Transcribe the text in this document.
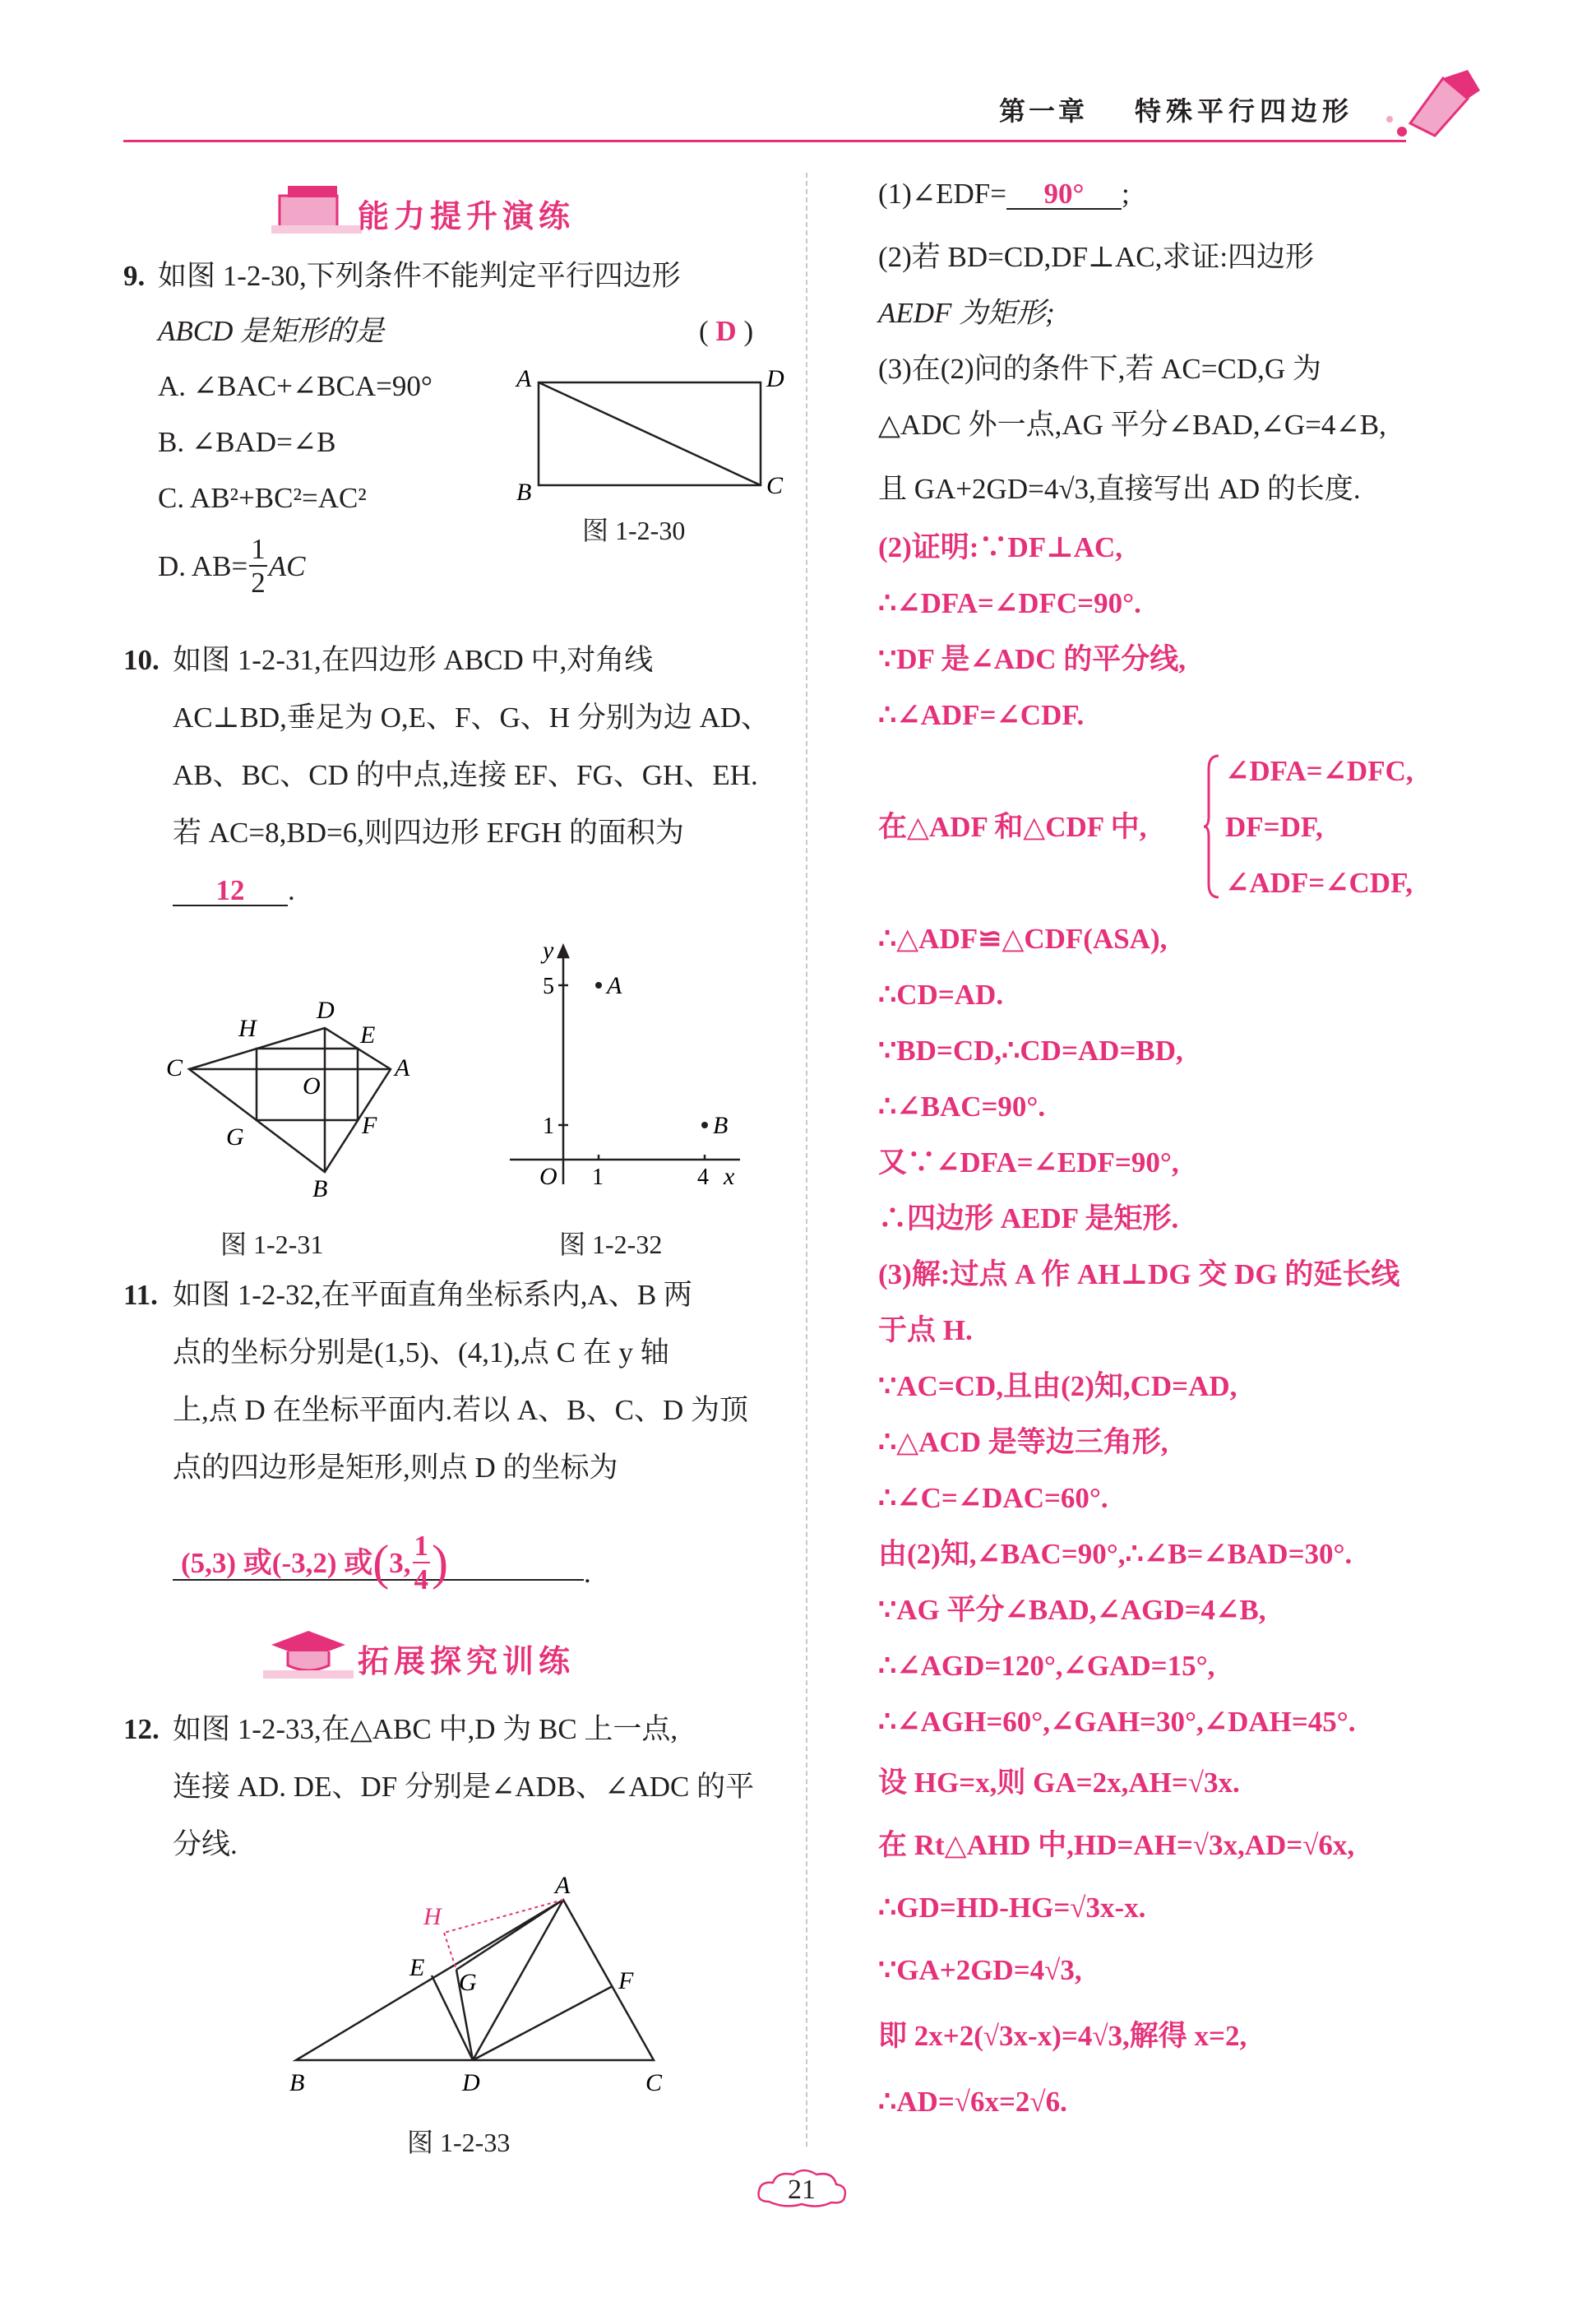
第一章 特殊平行四边形
能力提升演练
9. 如图 1-2-30,下列条件不能判定平行四边形
ABCD 是矩形的是	( D )
A. ∠BAC+∠BCA=90°
B. ∠BAD=∠B
C. AB²+BC²=AC²
D. $AB= \frac{1}{2}$ AC
A	D
B	C
图 1-2-30
10. 如图 1-2-31,在四边形 ABCD 中,对角线
AC⊥BD,垂足为 O,E、F、G、H 分别为边 AD、
AB、BC、CD 的中点,连接 EF、FG、GH、EH.
若 AC=8,BD=6,则四边形 EFGH 的面积为
12 .
H
D
E
C
O
A
G	F
B
图 1-2-31
y
x
O
A
B
5
1
1	4
图 1-2-32
11. 如图 1-2-32,在平面直角坐标系内,A、B 两
点的坐标分别是(1,5)、(4,1),点 C 在 y 轴
上,点 D 在坐标平面内.若以 A、B、C、D 为顶
点的四边形是矩形,则点 D 的坐标为
(5,3) 或(-3,2) 或 ( 3, $\frac{1}{4}$ )	.
拓展探究训练
12. 如图 1-2-33,在△ABC 中,D 为 BC 上一点,
连接 AD. DE、DF 分别是∠ADB、∠ADC 的平
分线.
A
H
E
G	F
B	D	C
图 1-2-33
(1)∠EDF= 90° ;
(2)若 BD=CD,DF⊥AC,求证:四边形
AEDF 为矩形;
(3)在(2)问的条件下,若 AC=CD,G 为
△ADC 外一点,AG 平分∠BAD,∠G=4∠B,
且 GA+2GD=4√3,直接写出 AD 的长度.
(2)证明:∵DF⊥AC,
∴∠DFA=∠DFC=90°.
∵DF 是∠ADC 的平分线,
∴∠ADF=∠CDF.
在△ADF 和△CDF 中,
∠DFA=∠DFC,
DF=DF,
∠ADF=∠CDF,
∴△ADF≌△CDF(ASA),
∴CD=AD.
∵BD=CD,∴CD=AD=BD,
∴∠BAC=90°.
又∵∠DFA=∠EDF=90°,
∴四边形 AEDF 是矩形.
(3)解:过点 A 作 AH⊥DG 交 DG 的延长线
于点 H.
∵AC=CD,且由(2)知,CD=AD,
∴△ACD 是等边三角形,
∴∠C=∠DAC=60°.
由(2)知,∠BAC=90°,∴∠B=∠BAD=30°.
∵AG 平分∠BAD,∠AGD=4∠B,
∴∠AGD=120°,∠GAD=15°,
∴∠AGH=60°,∠GAH=30°,∠DAH=45°.
设 HG=x,则 GA=2x,AH=√3x.
在 Rt△AHD 中,HD=AH=√3x,AD=√6x,
∴GD=HD-HG=√3x-x.
∵GA+2GD=4√3,
即 2x+2(√3x-x)=4√3,解得 x=2,
∴AD=√6x=2√6.
21
